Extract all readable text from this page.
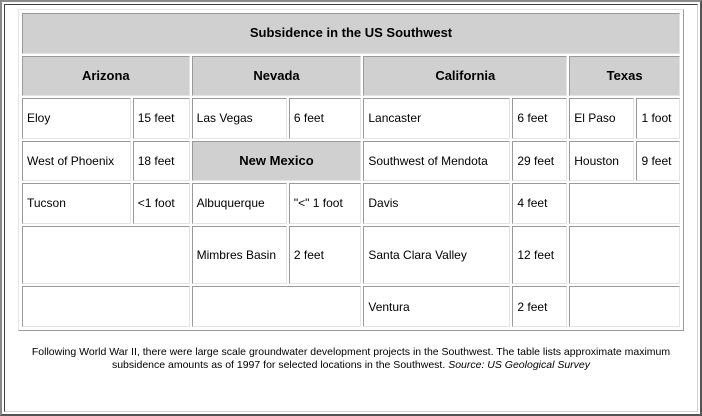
Subsidence in the US Southwest							
Arizona		Nevada		California		Texas	
Eloy	15 feet	Las Vegas	6 feet	Lancaster	6 feet	El Paso	1 foot
West of Phoenix	18 feet	New Mexico		Southwest of Mendota	29 feet	Houston	9 feet
Tucson	<1 foot	Albuquerque	"<" 1 foot	Davis	4 feet		
		Mimbres Basin	2 feet	Santa Clara Valley	12 feet		
				Ventura	2 feet		
Following World War II, there were large scale groundwater development projects in the Southwest. The table lists approximate maximum subsidence amounts as of 1997 for selected locations in the Southwest. Source: US Geological Survey
